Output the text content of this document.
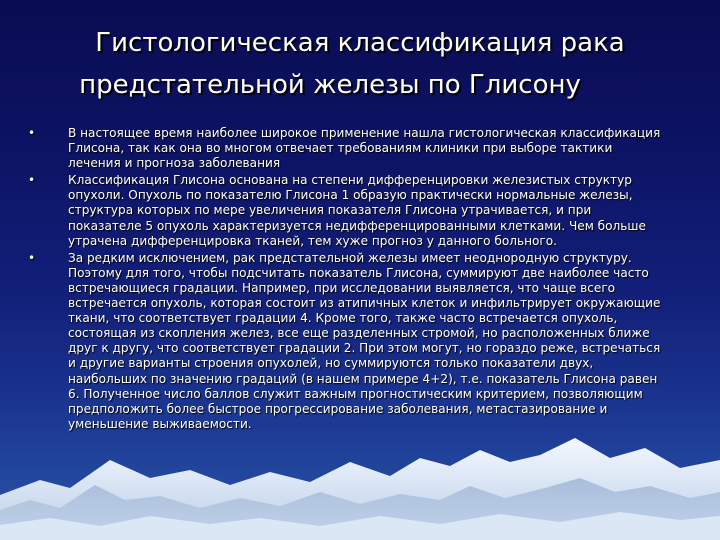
Гистологическая классификация рака
предстательной железы по Глисону
•	В настоящее время наиболее широкое применение нашла гистологическая классификация Глисона, так как она во многом отвечает требованиям клиники при выборе тактики лечения и прогноза заболевания
•	Классификация Глисона основана на степени дифференцировки железистых структур опухоли. Опухоль по показателю Глисона 1 образую практически нормальные железы, структура которых по мере увеличения показателя Глисона утрачивается, и при показателе 5 опухоль характеризуется недифференцированными клетками. Чем больше утрачена дифференцировка тканей, тем хуже прогноз у данного больного.
•	За редким исключением, рак предстательной железы имеет неоднородную структуру. Поэтому для того, чтобы подсчитать показатель Глисона, суммируют две наиболее часто встречающиеся градации. Например, при исследовании выявляется, что чаще всего встречается опухоль, которая состоит из атипичных клеток и инфильтрирует окружающие ткани, что соответствует градации 4. Кроме того, также часто встречается опухоль, состоящая из скопления желез, все еще разделенных стромой, но расположенных ближе друг к другу, что соответствует градации 2. При этом могут, но гораздо реже, встречаться и другие варианты строения опухолей, но суммируются только показатели двух, наибольших по значению градаций (в нашем примере 4+2), т.е. показатель Глисона равен 6. Полученное число баллов служит важным прогностическим критерием, позволяющим предположить более быстрое прогрессирование заболевания, метастазирование и уменьшение выживаемости.
